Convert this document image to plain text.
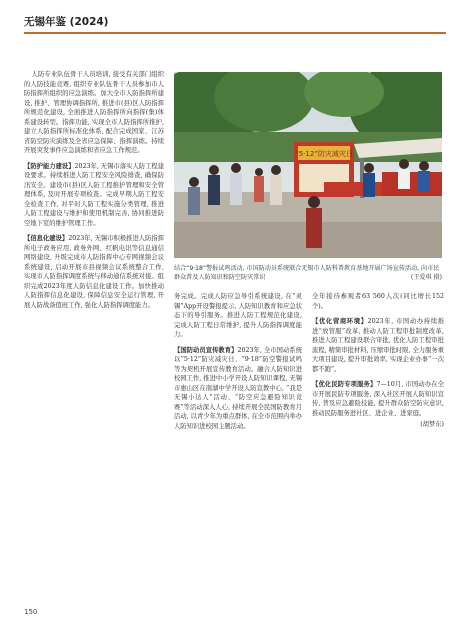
无锡年鉴 (2024)

人防专业队伍骨干人员培训, 接受有关部门组织的人防技能竞赛, 组织专业队伍骨干人员参加市人防指挥所组织的应急演练。加大全市人防指挥所建设, 推护、管理协调指挥所, 推进市(县)区人防指挥所规范化建设, 全面推进人防指挥所向指挥(集)体系建设转型。指挥功能, 实现全市人防指挥所推护, 建立人防指挥所标准化体系, 配合完成国家、江苏省防空防灾演练及全省应急保障、指挥演练。持续开展突发事件应急演练和省应急工作规范。

【防护能力建设】2023年, 无锡市落实人防工程建设要求。持续推进人防工程安全风险排查, 确保防汛安全。建设市(县)区人防工程推护管理和安全管理体系, 及时开展专项检查。完成早期人防工程安全检查工作, 对平时人防工程实施分类管理, 推进人防工程建设与维护和使用机制完善, 协同推进防空地下室的维护管理工作。

【信息化建设】2023年, 无锡市积极推进人防指挥所电子政务应用, 政务外网、红帆电讯等信息通信网络建设, 升级完成市人防指挥中心专网视频会议系统建设, 启动开展市县视频会议系统整合工作, 实现市人防指挥调度系统与移动通信系统对接。组织完成2023年度人防信息化建设工作。加快推动人防指挥信息化建设, 保障信息安全运行管理, 开展人防战备值班工作, 强化人防指挥调度能力。

“5·12”防灾减灾日
结合“9·18”警报试鸣活动, 市国防动员系统联合无锡市人防科普教育基地开展广场宣传活动, 向市民群众普及人防知识和防空防灾常识	(王爱琪 摄)

务完成。完成人防应急导引系统建设, 在“灵锡”App开设警报提示, 人防知识教育和应急状态下的导引服务。推进人防工程规范化建设, 完成人防工程日常维护, 提升人防指挥调度能力。

【国防动员宣传教育】2023年, 全市国动系统以“5·12”防灾减灾日、“9·18”防空警报试鸣等为契机开展宣传教育活动。融合人防知识进校园工作, 推进中小学开设人防知识课程, 无锡市惠山区在南湖中学开设人防宣教中心, “我是无锡小达人”活动、“防空应急避险知识竞赛”等活动深入人心, 持续开展全民国防教育月活动, 以青少年为重点群体, 在全市范围内举办人防知识进校园主题活动。

全年接待参观者63 560人次(同比增长152个)。

【优化营商环境】2023年, 市国动办持续推进“放管服”改革, 推动人防工程审批制度改革, 推进人防工程建设联合审批, 优化人防工程审批流程, 精简审批材料, 压缩审批时限, 全力服务重大项目建设, 提升审批效率, 实现企业办事“一次都不跑”。

【优化民防专项服务】7—10月, 市国动办在全市开展民防专项服务, 深入社区开展人防知识宣传, 普及应急避险技能, 提升群众防空防灾意识, 推动民防服务进社区、进企业、进家庭。

(胡梦东)

150
